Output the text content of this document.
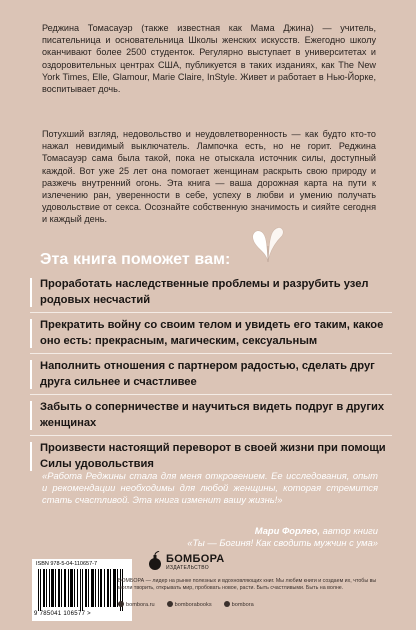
Реджина Томасауэр (также известная как Мама Джина) — учитель, писательница и основательница Школы женских искусств. Ежегодно школу оканчивают более 2500 студенток. Регулярно выступает в университетах и оздоровительных центрах США, публикуется в таких изданиях, как The New York Times, Elle, Glamour, Marie Claire, InStyle. Живет и работает в Нью-Йорке, воспитывает дочь.

Потухший взгляд, недовольство и неудовлетворенность — как будто кто-то нажал невидимый выключатель. Лампочка есть, но не горит. Реджина Томасауэр сама была такой, пока не отыскала источник силы, доступный каждой. Вот уже 25 лет она помогает женщинам раскрыть свою природу и разжечь внутренний огонь. Эта книга — ваша дорожная карта на пути к излечению ран, уверенности в себе, успеху в любви и умению получать удовольствие от секса. Осознайте собственную значимость и сияйте сегодня и каждый день.

Эта книга поможет вам:
Проработать наследственные проблемы и разрубить узел родовых несчастий
Прекратить войну со своим телом и увидеть его таким, какое оно есть: прекрасным, магическим, сексуальным
Наполнить отношения с партнером радостью, сделать друг друга сильнее и счастливее
Забыть о соперничестве и научиться видеть подруг в других женщинах
Произвести настоящий переворот в своей жизни при помощи Силы удовольствия
«Работа Реджины стала для меня откровением. Ее исследования, опыт и рекомендации необходимы для любой женщины, которая стремится стать счастливой. Эта книга изменит вашу жизнь!»
Мари Форлео, автор книги
«Ты — Богиня! Как сводить мужчин с ума»
ISBN 978-5-04-110657-7
9 785041 106577 >
БОМБОРА
ИЗДАТЕЛЬСТВО
БОМБОРА — лидер на рынке полезных и вдохновляющих книг. Мы любим книги и создаем их, чтобы вы могли творить, открывать мир, пробовать новое, расти. Быть счастливыми. Быть на волне.
bombora.ru	bomborabooks	bombora
